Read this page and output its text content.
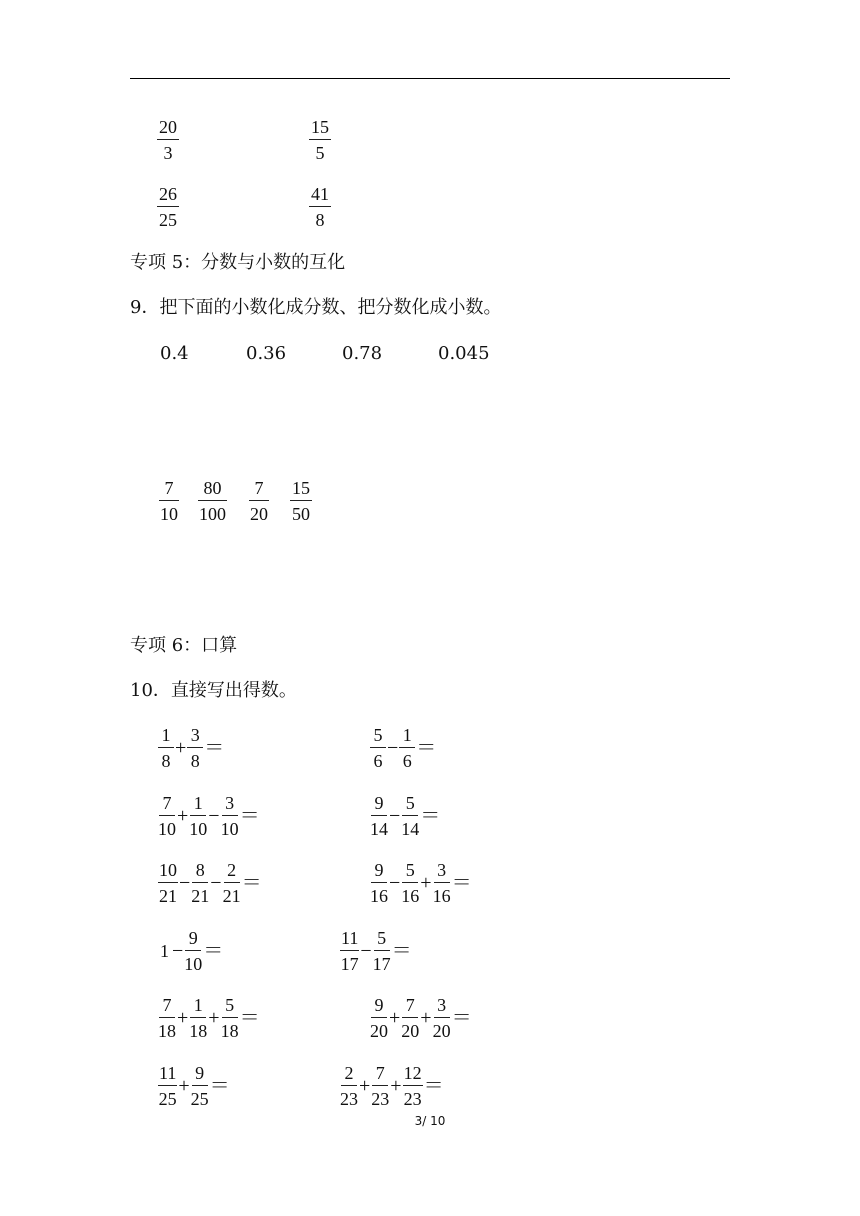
$\frac{20}{3}$	$\frac{15}{5}$
$\frac{26}{25}$	$\frac{41}{8}$
专项 5：分数与小数的互化
9．把下面的小数化成分数、把分数化成小数。
0.4	0.36	0.78	0.045
$\frac{7}{10} \frac{80}{100} \frac{7}{20} \frac{15}{50}$
专项 6：口算
10．直接写出得数。
$\frac{1}{8} + \frac{3}{8}$ ＝	$\frac{5}{6} - \frac{1}{6}$ ＝
$\frac{7}{10} + \frac{1}{10} - \frac{3}{10}$ ＝	$\frac{9}{14} - \frac{5}{14}$ ＝
$\frac{10}{21} - \frac{8}{21} - \frac{2}{21}$ ＝	$\frac{9}{16} - \frac{5}{16} + \frac{3}{16}$ ＝
$1 - \frac{9}{10}$ ＝	$\frac{11}{17} - \frac{5}{17}$ ＝
$\frac{7}{18} + \frac{1}{18} + \frac{5}{18}$ ＝	$\frac{9}{20} + \frac{7}{20} + \frac{3}{20}$ ＝
$\frac{11}{25} + \frac{9}{25}$ ＝	$\frac{2}{23} + \frac{7}{23} + \frac{12}{23}$ ＝
3/ 10
